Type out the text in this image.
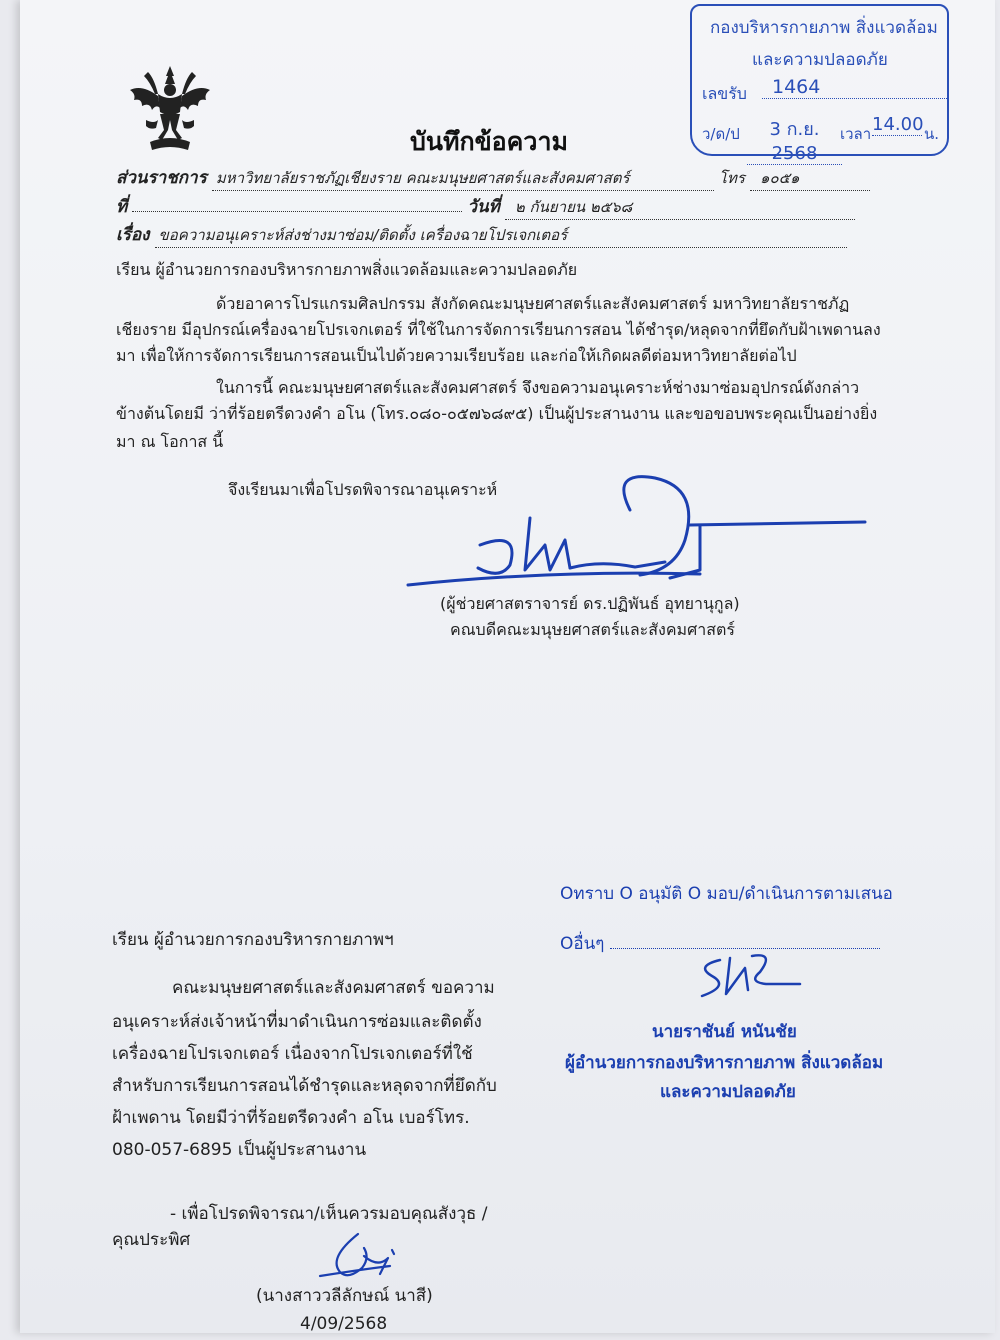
กองบริหารกายภาพ สิ่งแวดล้อม
และความปลอดภัย
เลขรับ	1464
ว/ด/ป	3 ก.ย. 2568
เวลา 14.00 น.
บันทึกข้อความ
ส่วนราชการ มหาวิทยาลัยราชภัฏเชียงราย คณะมนุษยศาสตร์และสังคมศาสตร์	โทร ๑๐๕๑
ที่	วันที่ ๒ กันยายน ๒๕๖๘
เรื่อง ขอความอนุเคราะห์ส่งช่างมาซ่อม/ติดตั้ง เครื่องฉายโปรเจกเตอร์
เรียน ผู้อำนวยการกองบริหารกายภาพสิ่งแวดล้อมและความปลอดภัย
ด้วยอาคารโปรแกรมศิลปกรรม สังกัดคณะมนุษยศาสตร์และสังคมศาสตร์ มหาวิทยาลัยราชภัฏ
เชียงราย มีอุปกรณ์เครื่องฉายโปรเจกเตอร์ ที่ใช้ในการจัดการเรียนการสอน ได้ชำรุด/หลุดจากที่ยึดกับฝ้าเพดานลง
มา เพื่อให้การจัดการเรียนการสอนเป็นไปด้วยความเรียบร้อย และก่อให้เกิดผลดีต่อมหาวิทยาลัยต่อไป
ในการนี้ คณะมนุษยศาสตร์และสังคมศาสตร์ จึงขอความอนุเคราะห์ช่างมาซ่อมอุปกรณ์ดังกล่าว
ข้างต้นโดยมี ว่าที่ร้อยตรีดวงคำ อโน (โทร.๐๘๐-๐๕๗๖๘๙๕) เป็นผู้ประสานงาน และขอขอบพระคุณเป็นอย่างยิ่ง
มา ณ โอกาส นี้
จึงเรียนมาเพื่อโปรดพิจารณาอนุเคราะห์
(ผู้ช่วยศาสตราจารย์ ดร.ปฏิพันธ์ อุทยานุกูล)
คณบดีคณะมนุษยศาสตร์และสังคมศาสตร์
Oทราบ O อนุมัติ O มอบ/ดำเนินการตามเสนอ
Oอื่นๆ
นายราชันย์ หนันชัย
ผู้อำนวยการกองบริหารกายภาพ สิ่งแวดล้อม
และความปลอดภัย
เรียน ผู้อำนวยการกองบริหารกายภาพฯ
คณะมนุษยศาสตร์และสังคมศาสตร์ ขอความ
อนุเคราะห์ส่งเจ้าหน้าที่มาดำเนินการซ่อมและติดตั้ง
เครื่องฉายโปรเจกเตอร์ เนื่องจากโปรเจกเตอร์ที่ใช้
สำหรับการเรียนการสอนได้ชำรุดและหลุดจากที่ยึดกับ
ฝ้าเพดาน โดยมีว่าที่ร้อยตรีดวงคำ อโน เบอร์โทร.
080-057-6895 เป็นผู้ประสานงาน
- เพื่อโปรดพิจารณา/เห็นควรมอบคุณสังวุธ /
คุณประพิศ
(นางสาววลีลักษณ์ นาสี)
4/09/2568
